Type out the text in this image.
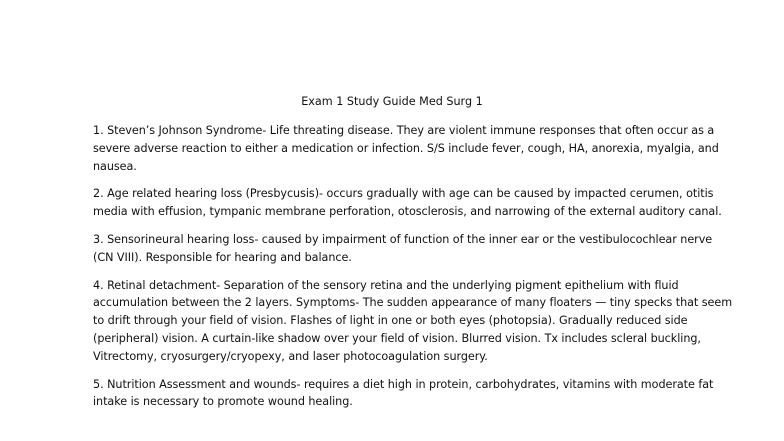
Exam 1 Study Guide Med Surg 1

1. Steven’s Johnson Syndrome- Life threating disease. They are violent immune responses that often occur as a severe adverse reaction to either a medication or infection. S/S include fever, cough, HA, anorexia, myalgia, and nausea.

2. Age related hearing loss (Presbycusis)- occurs gradually with age can be caused by impacted cerumen, otitis media with effusion, tympanic membrane perforation, otosclerosis, and narrowing of the external auditory canal.

3. Sensorineural hearing loss- caused by impairment of function of the inner ear or the vestibulocochlear nerve (CN VIII). Responsible for hearing and balance.

4. Retinal detachment- Separation of the sensory retina and the underlying pigment epithelium with fluid accumulation between the 2 layers. Symptoms- The sudden appearance of many floaters — tiny specks that seem to drift through your field of vision. Flashes of light in one or both eyes (photopsia). Gradually reduced side (peripheral) vision. A curtain-like shadow over your field of vision. Blurred vision. Tx includes scleral buckling, Vitrectomy, cryosurgery/cryopexy, and laser photocoagulation surgery.

5. Nutrition Assessment and wounds- requires a diet high in protein, carbohydrates, vitamins with moderate fat intake is necessary to promote wound healing.
